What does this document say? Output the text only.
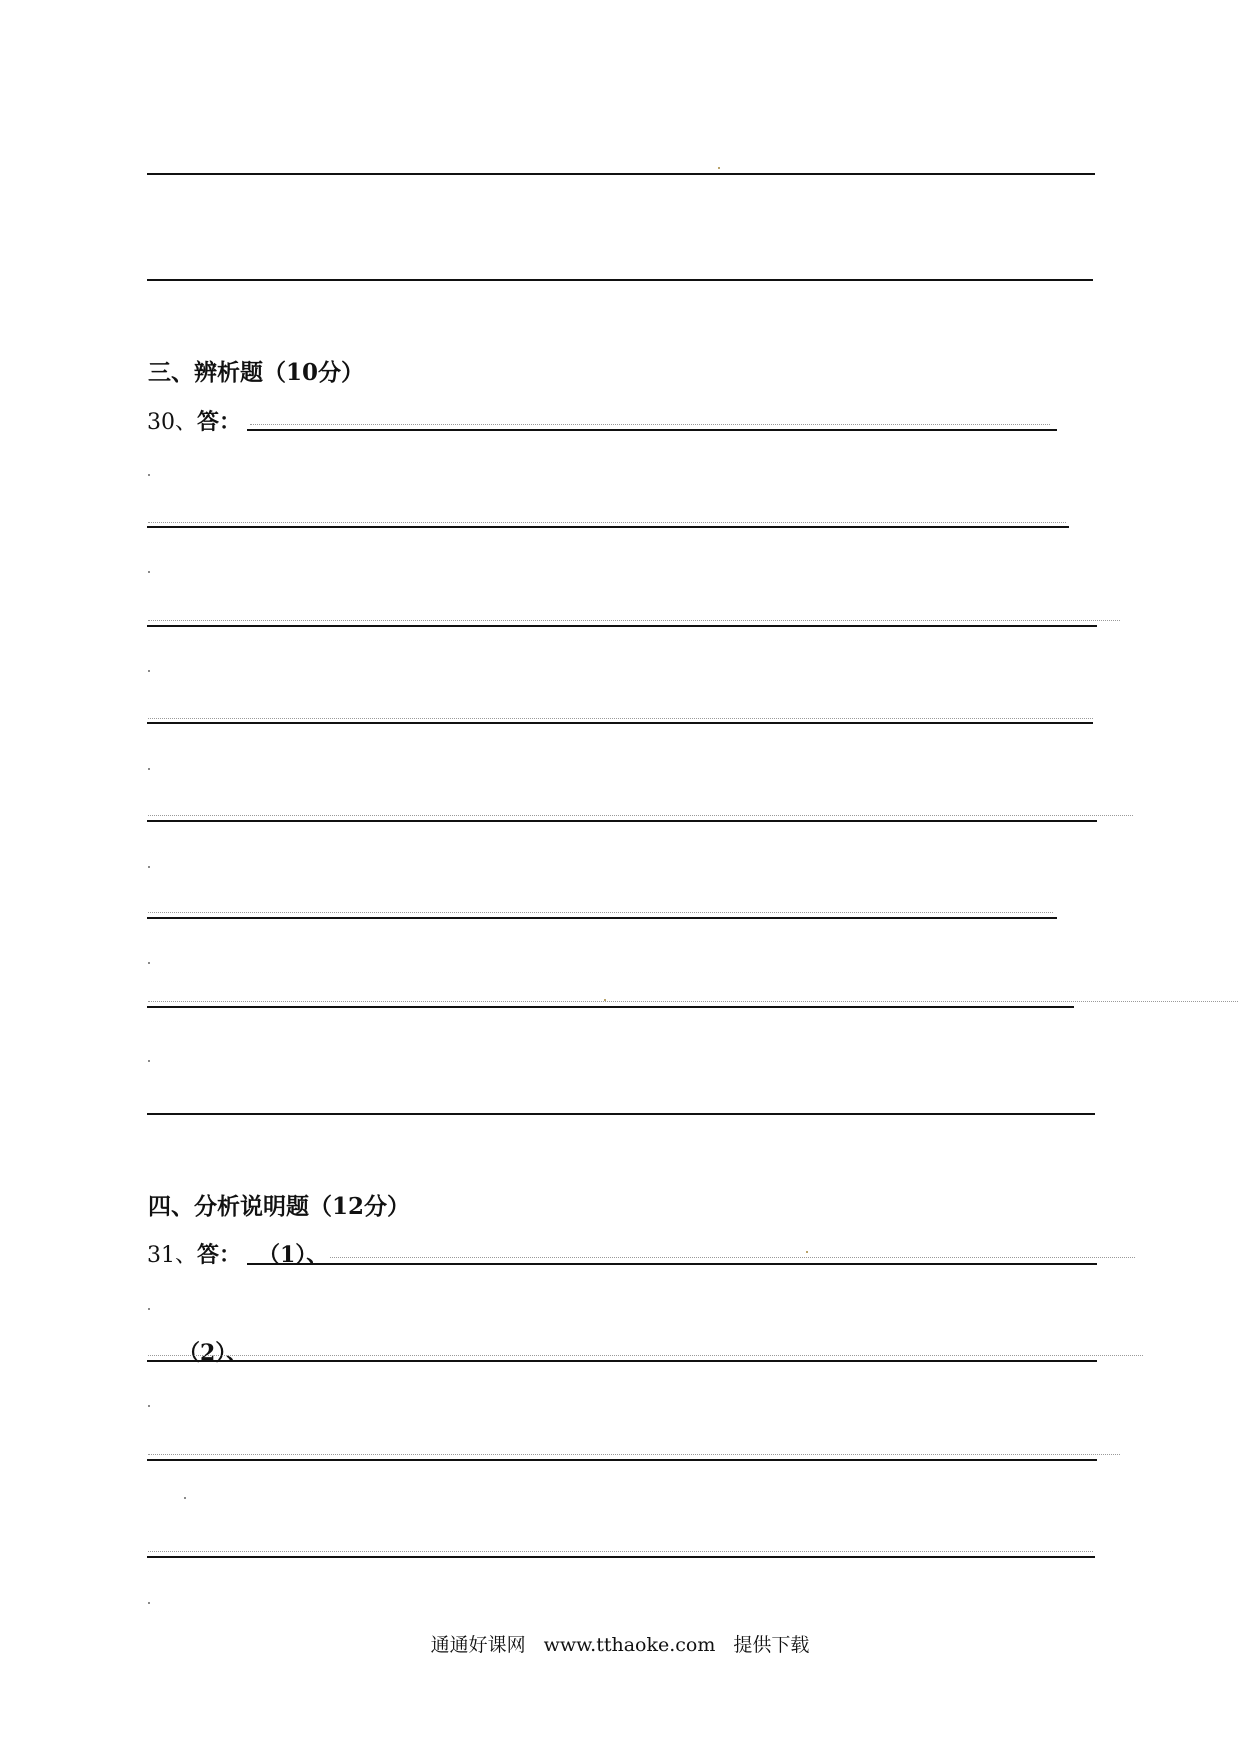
三、辨析题（10分）
30、答：
四、分析说明题（12分）
31、答： （1）、
（2）、
通通好课网 www.tthaoke.com 提供下载
